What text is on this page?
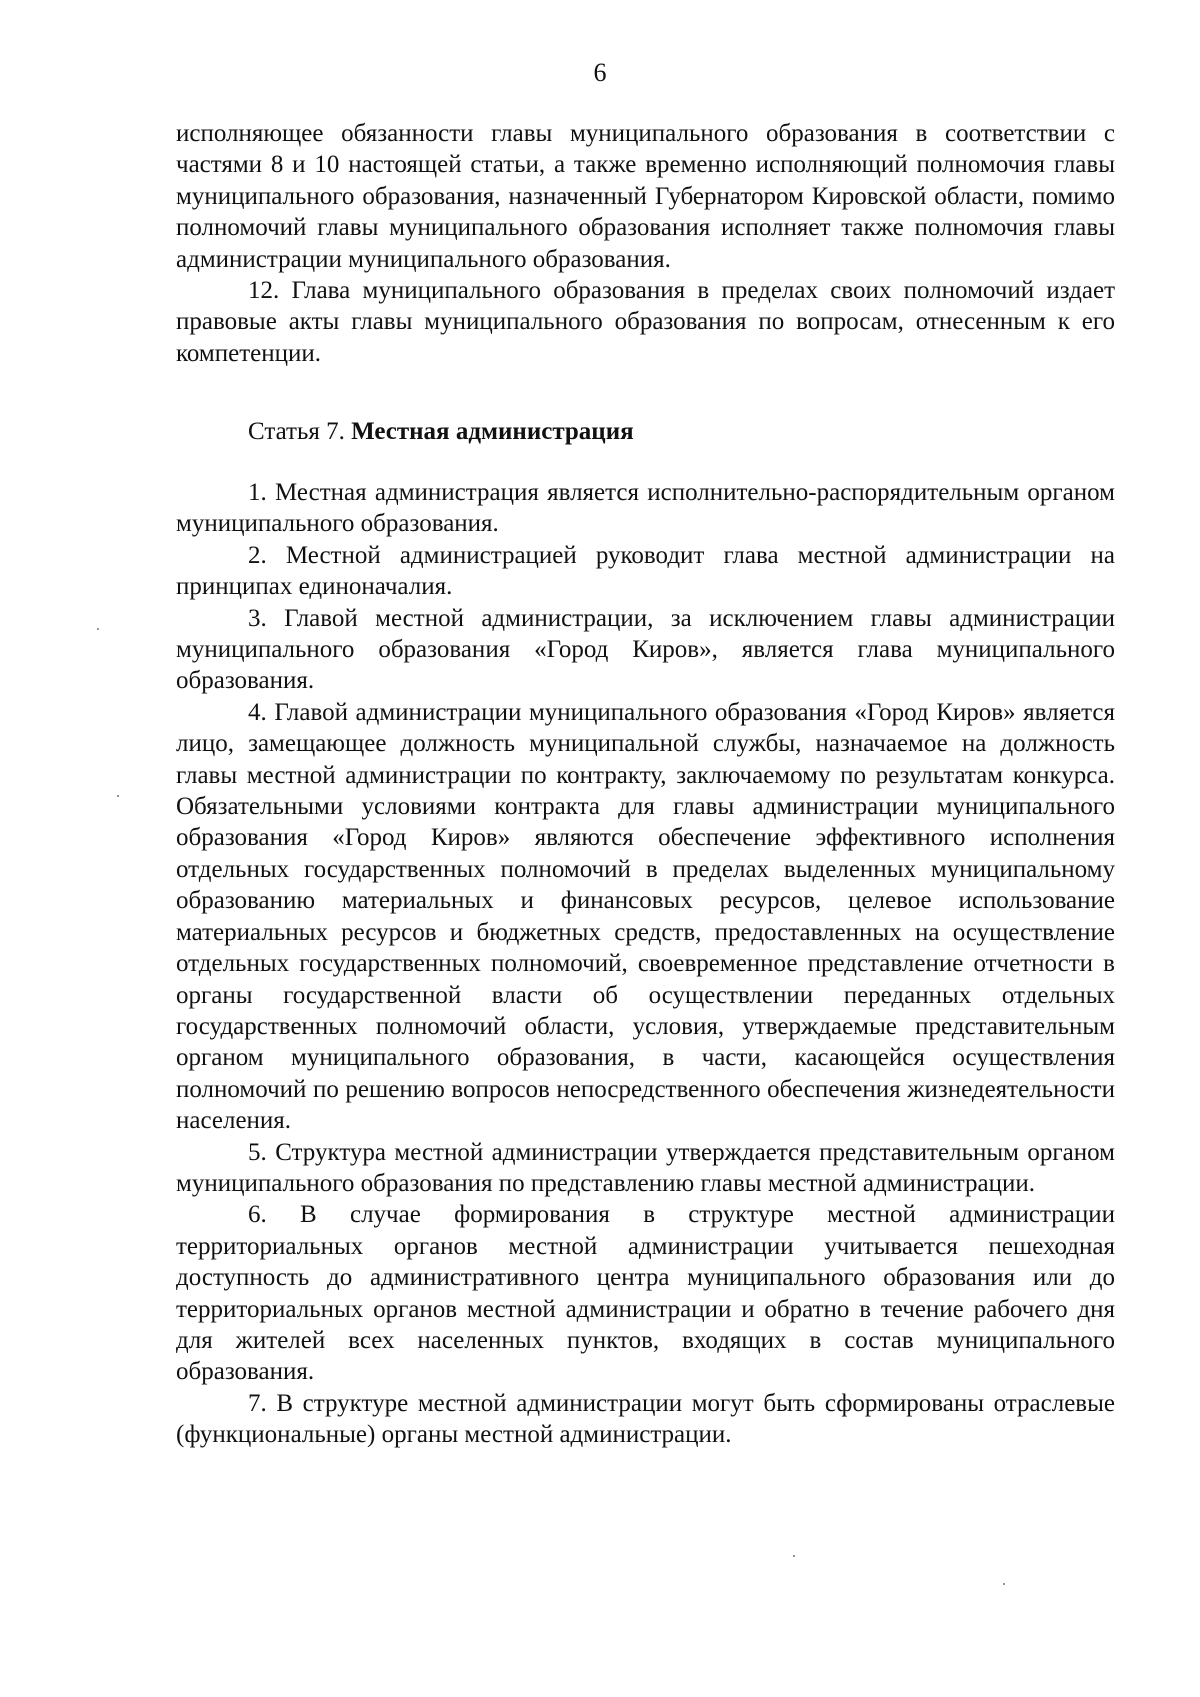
6

исполняющее обязанности главы муниципального образования в соответствии с частями 8 и 10 настоящей статьи, а также временно исполняющий полномочия главы муниципального образования, назначенный Губернатором Кировской области, помимо полномочий главы муниципального образования исполняет также полномочия главы администрации муниципального образования.

12. Глава муниципального образования в пределах своих полномочий издает правовые акты главы муниципального образования по вопросам, отнесенным к его компетенции.

Статья 7. Местная администрация

1. Местная администрация является исполнительно-распорядительным органом муниципального образования.

2. Местной администрацией руководит глава местной администрации на принципах единоначалия.

3. Главой местной администрации, за исключением главы администрации муниципального образования «Город Киров», является глава муниципального образования.

4. Главой администрации муниципального образования «Город Киров» является лицо, замещающее должность муниципальной службы, назначаемое на должность главы местной администрации по контракту, заключаемому по результатам конкурса. Обязательными условиями контракта для главы администрации муниципального образования «Город Киров» являются обеспечение эффективного исполнения отдельных государственных полномочий в пределах выделенных муниципальному образованию материальных и финансовых ресурсов, целевое использование материальных ресурсов и бюджетных средств, предоставленных на осуществление отдельных государственных полномочий, своевременное представление отчетности в органы государственной власти об осуществлении переданных отдельных государственных полномочий области, условия, утверждаемые представительным органом муниципального образования, в части, касающейся осуществления полномочий по решению вопросов непосредственного обеспечения жизнедеятельности населения.

5. Структура местной администрации утверждается представительным органом муниципального образования по представлению главы местной администрации.

6. В случае формирования в структуре местной администрации территориальных органов местной администрации учитывается пешеходная доступность до административного центра муниципального образования или до территориальных органов местной администрации и обратно в течение рабочего дня для жителей всех населенных пунктов, входящих в состав муниципального образования.

7. В структуре местной администрации могут быть сформированы отраслевые (функциональные) органы местной администрации.
